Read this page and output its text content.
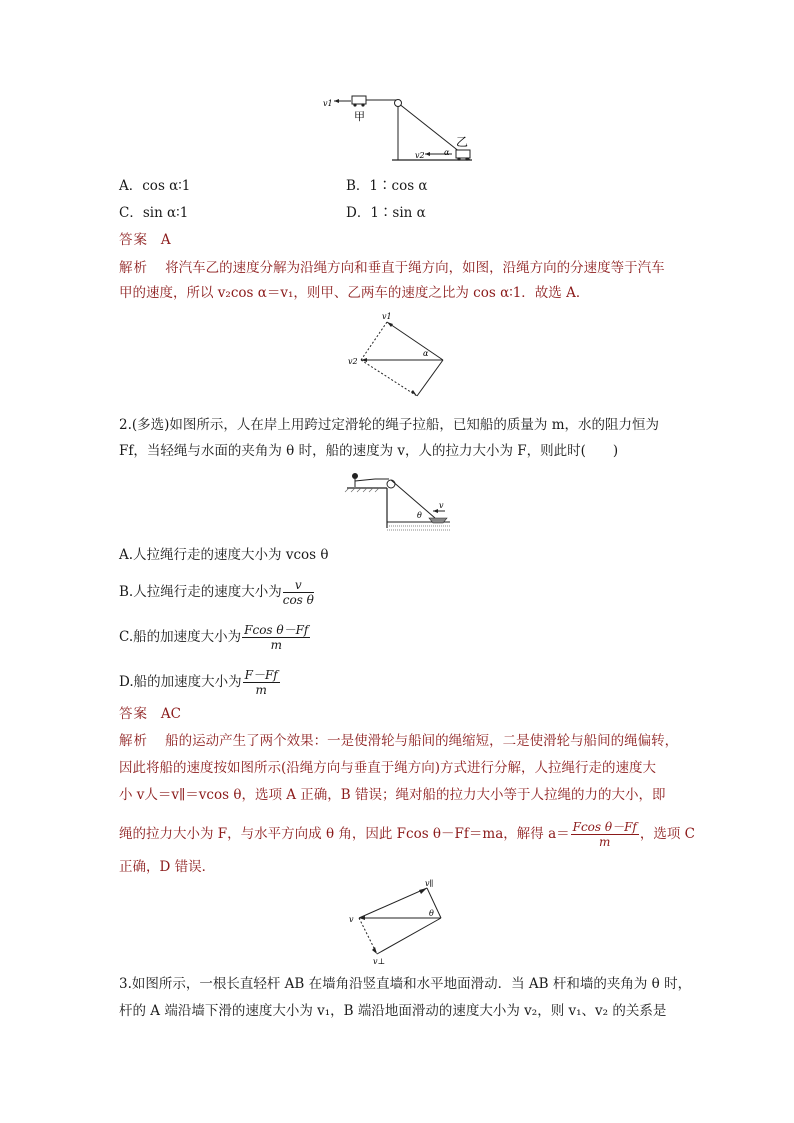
v1
甲
乙
v2 α
A．cos α∶1	B．1∶cos α
C．sin α∶1	D．1∶sin α
答案 A
解析 将汽车乙的速度分解为沿绳方向和垂直于绳方向，如图，沿绳方向的分速度等于汽车
甲的速度，所以 v₂cos α＝v₁，则甲、乙两车的速度之比为 cos α∶1．故选 A．
v1
v2
α
2.(多选)如图所示，人在岸上用跨过定滑轮的绳子拉船，已知船的质量为 m，水的阻力恒为
Ff，当轻绳与水面的夹角为 θ 时，船的速度为 v，人的拉力大小为 F，则此时(　　)
v
θ
A.人拉绳行走的速度大小为 vcos θ
B.人拉绳行走的速度大小为 $\frac{v}{\text{cos θ}}$
C.船的加速度大小为 $\frac{\text{Fcos θ－Ff}}{m}$
D.船的加速度大小为 $\frac{F-Ff}{m}$
答案 AC
解析 船的运动产生了两个效果：一是使滑轮与船间的绳缩短，二是使滑轮与船间的绳偏转，
因此将船的速度按如图所示(沿绳方向与垂直于绳方向)方式进行分解，人拉绳行走的速度大
小 v人＝v∥＝vcos θ，选项 A 正确，B 错误；绳对船的拉力大小等于人拉绳的力的大小，即
绳的拉力大小为 F，与水平方向成 θ 角，因此 Fcos θ－Ff＝ma，解得 $a= \frac{\text{Fcos θ－Ff}}{m}$ ，选项 C
正确，D 错误．
v∥
v
θ
v⊥
3.如图所示，一根长直轻杆 AB 在墙角沿竖直墙和水平地面滑动．当 AB 杆和墙的夹角为 θ 时，
杆的 A 端沿墙下滑的速度大小为 v₁，B 端沿地面滑动的速度大小为 v₂，则 v₁、v₂ 的关系是
